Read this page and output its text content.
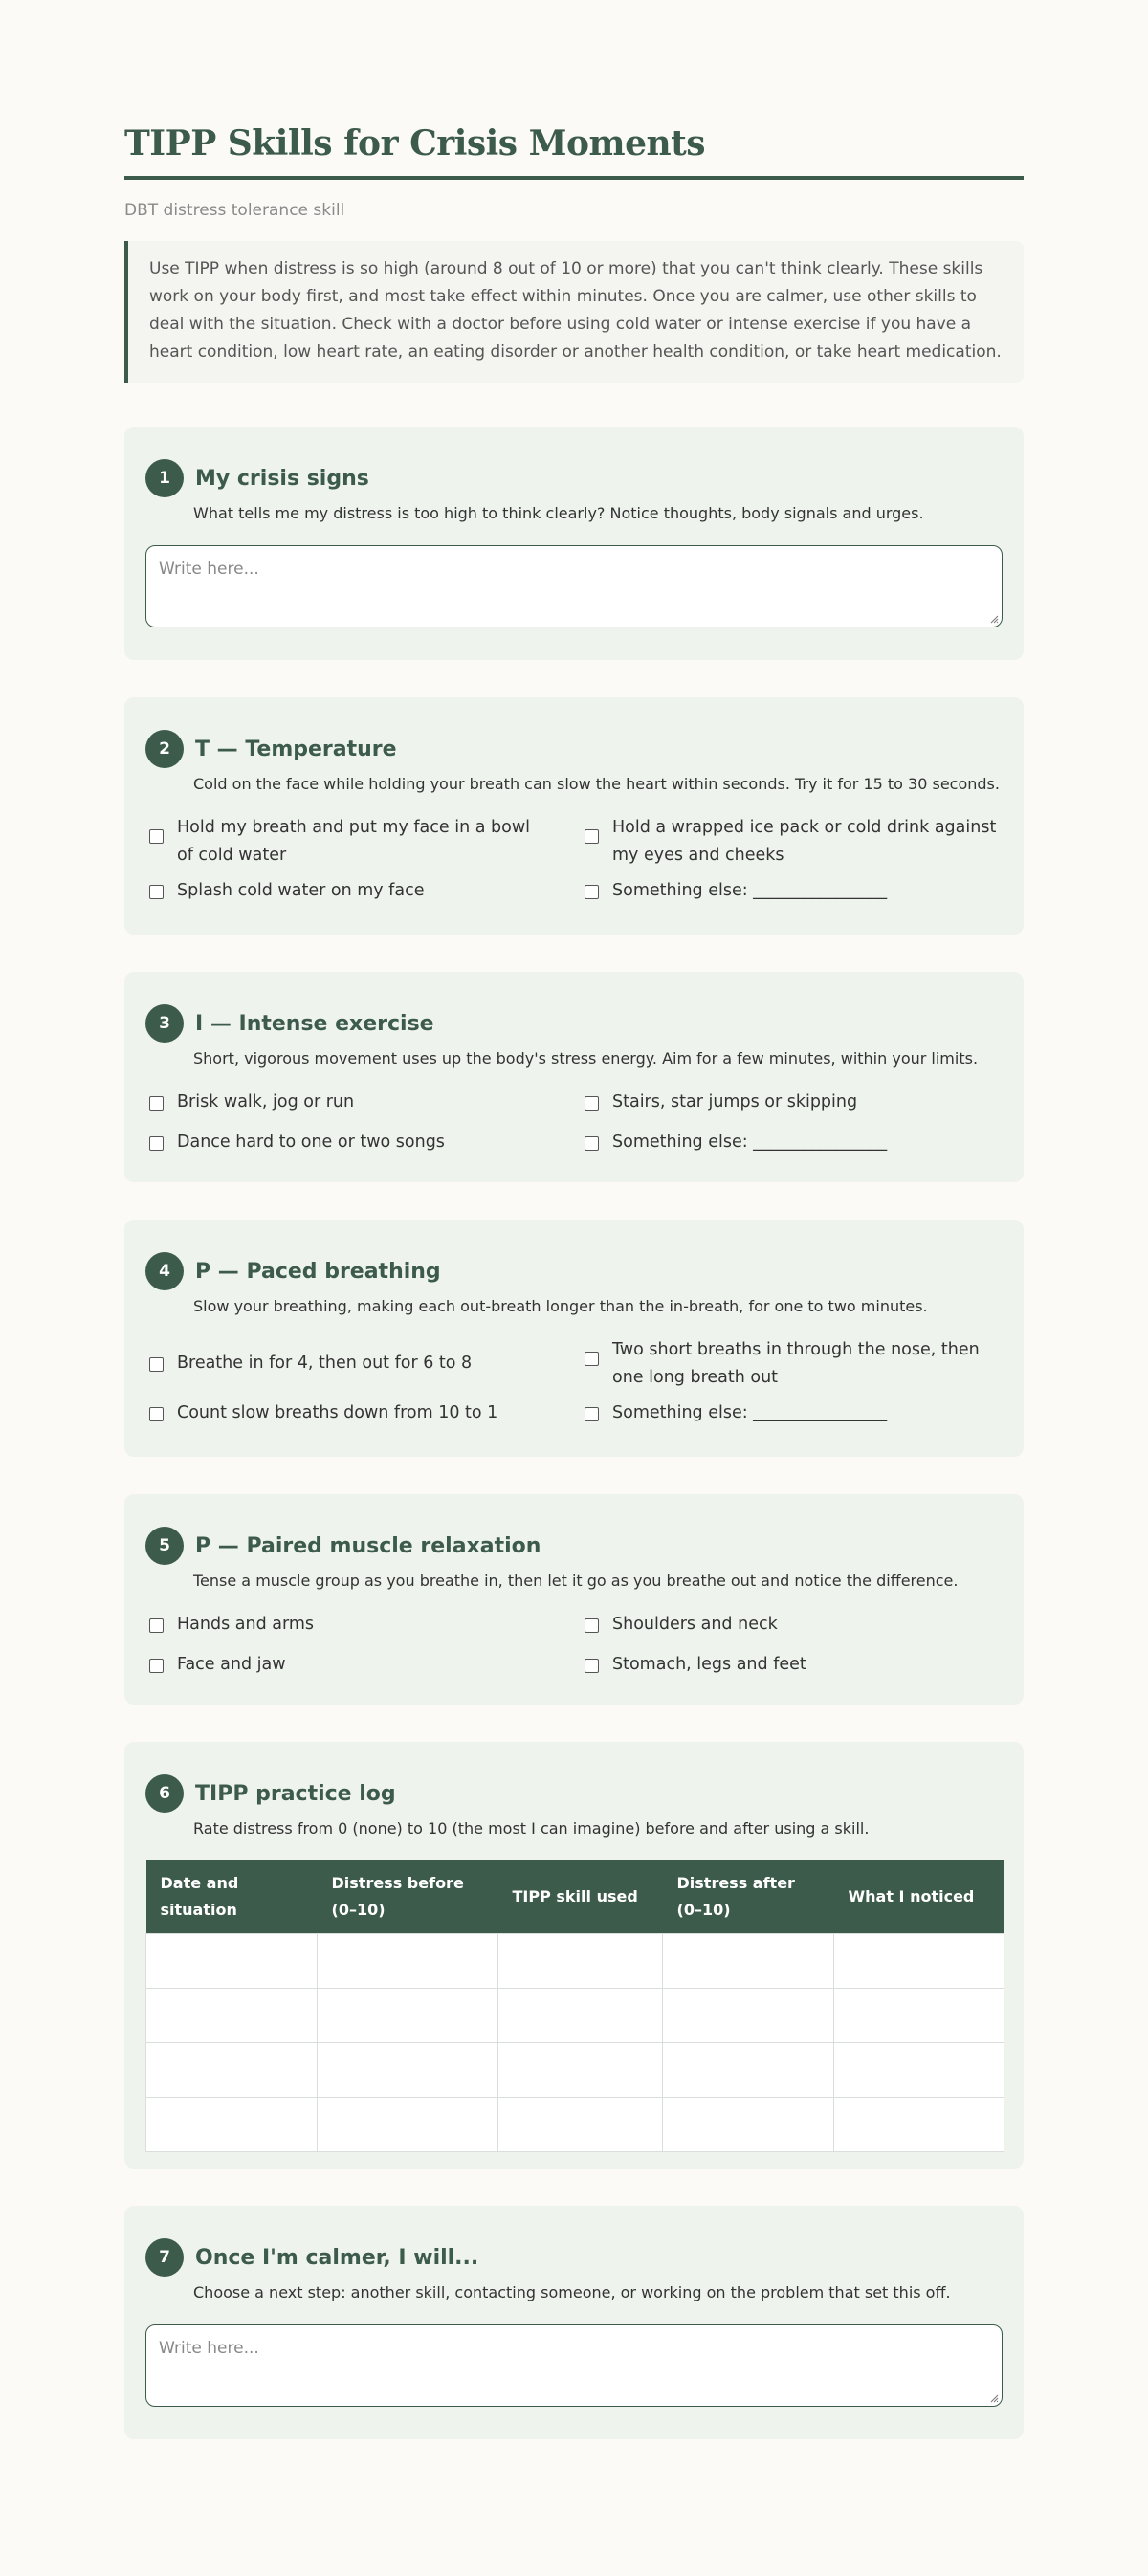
TIPP Skills for Crisis Moments
DBT distress tolerance skill
Use TIPP when distress is so high (around 8 out of 10 or more) that you can't think clearly. These skills work on your body first, and most take effect within minutes. Once you are calmer, use other skills to deal with the situation. Check with a doctor before using cold water or intense exercise if you have a heart condition, low heart rate, an eating disorder or another health condition, or take heart medication.
1	My crisis signs
What tells me my distress is too high to think clearly? Notice thoughts, body signals and urges.
Write here...
2	T — Temperature
Cold on the face while holding your breath can slow the heart within seconds. Try it for 15 to 30 seconds.
Hold my breath and put my face in a bowl of cold water
Hold a wrapped ice pack or cold drink against my eyes and cheeks
Splash cold water on my face	Something else: ________________
3	I — Intense exercise
Short, vigorous movement uses up the body's stress energy. Aim for a few minutes, within your limits.
Brisk walk, jog or run	Stairs, star jumps or skipping
Dance hard to one or two songs	Something else: ________________
4	P — Paced breathing
Slow your breathing, making each out-breath longer than the in-breath, for one to two minutes.
Breathe in for 4, then out for 6 to 8
Two short breaths in through the nose, then one long breath out
Count slow breaths down from 10 to 1	Something else: ________________
5	P — Paired muscle relaxation
Tense a muscle group as you breathe in, then let it go as you breathe out and notice the difference.
Hands and arms	Shoulders and neck
Face and jaw	Stomach, legs and feet
6	TIPP practice log
Rate distress from 0 (none) to 10 (the most I can imagine) before and after using a skill.
Date and situation	Distress before (0–10)	TIPP skill used	Distress after (0–10)	What I noticed

7	Once I'm calmer, I will...
Choose a next step: another skill, contacting someone, or working on the problem that set this off.
Write here...
